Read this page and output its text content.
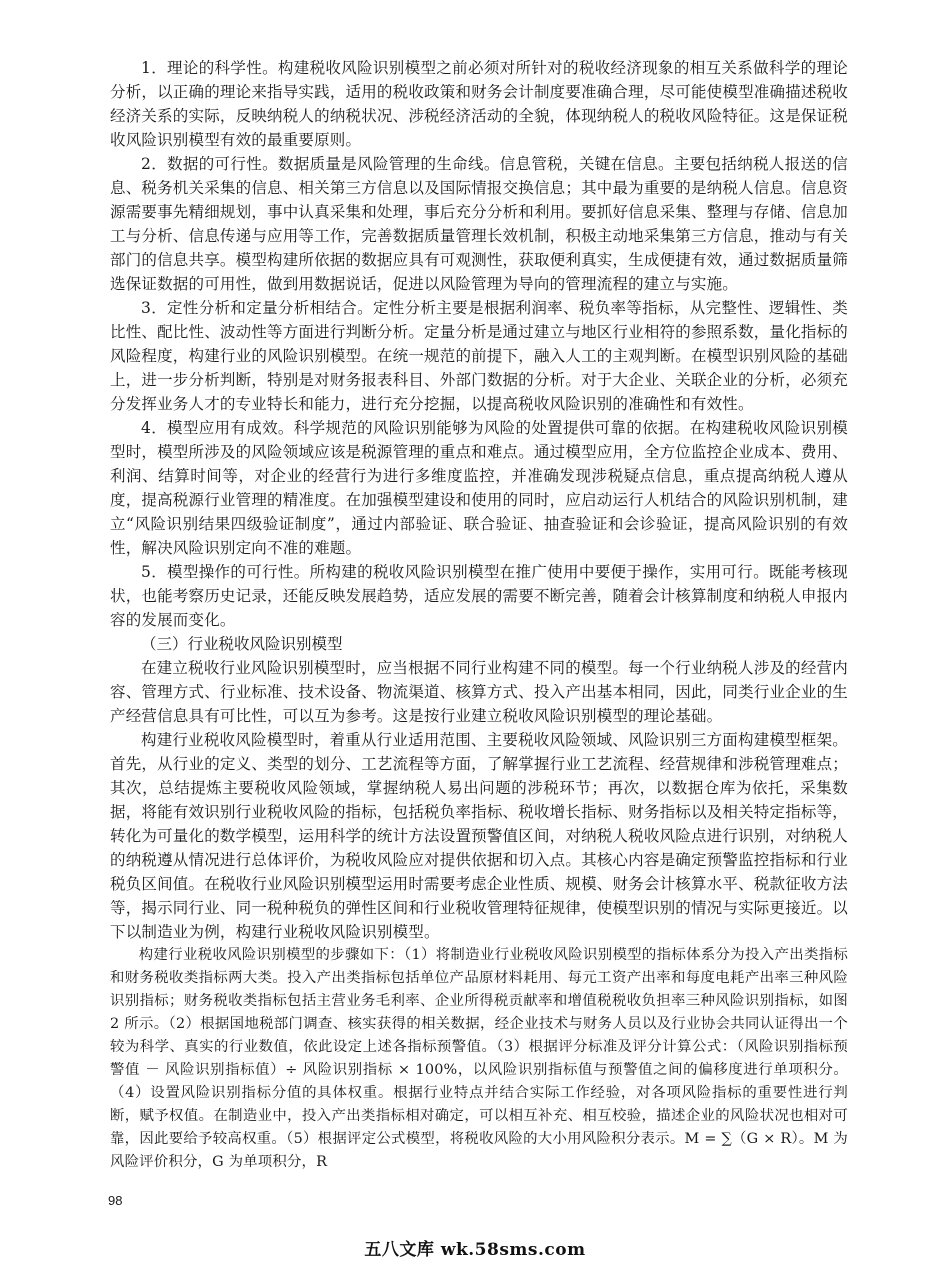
1．理论的科学性。构建税收风险识别模型之前必须对所针对的税收经济现象的相互关系做科学的理论分析，以正确的理论来指导实践，适用的税收政策和财务会计制度要准确合理，尽可能使模型准确描述税收经济关系的实际，反映纳税人的纳税状况、涉税经济活动的全貌，体现纳税人的税收风险特征。这是保证税收风险识别模型有效的最重要原则。

2．数据的可行性。数据质量是风险管理的生命线。信息管税，关键在信息。主要包括纳税人报送的信息、税务机关采集的信息、相关第三方信息以及国际情报交换信息；其中最为重要的是纳税人信息。信息资源需要事先精细规划，事中认真采集和处理，事后充分分析和利用。要抓好信息采集、整理与存储、信息加工与分析、信息传递与应用等工作，完善数据质量管理长效机制，积极主动地采集第三方信息，推动与有关部门的信息共享。模型构建所依据的数据应具有可观测性，获取便利真实，生成便捷有效，通过数据质量筛选保证数据的可用性，做到用数据说话，促进以风险管理为导向的管理流程的建立与实施。

3．定性分析和定量分析相结合。定性分析主要是根据利润率、税负率等指标，从完整性、逻辑性、类比性、配比性、波动性等方面进行判断分析。定量分析是通过建立与地区行业相符的参照系数，量化指标的风险程度，构建行业的风险识别模型。在统一规范的前提下，融入人工的主观判断。在模型识别风险的基础上，进一步分析判断，特别是对财务报表科目、外部门数据的分析。对于大企业、关联企业的分析，必须充分发挥业务人才的专业特长和能力，进行充分挖掘，以提高税收风险识别的准确性和有效性。

4．模型应用有成效。科学规范的风险识别能够为风险的处置提供可靠的依据。在构建税收风险识别模型时，模型所涉及的风险领域应该是税源管理的重点和难点。通过模型应用，全方位监控企业成本、费用、利润、结算时间等，对企业的经营行为进行多维度监控，并准确发现涉税疑点信息，重点提高纳税人遵从度，提高税源行业管理的精准度。在加强模型建设和使用的同时，应启动运行人机结合的风险识别机制，建立“风险识别结果四级验证制度”，通过内部验证、联合验证、抽查验证和会诊验证，提高风险识别的有效性，解决风险识别定向不准的难题。

5．模型操作的可行性。所构建的税收风险识别模型在推广使用中要便于操作，实用可行。既能考核现状，也能考察历史记录，还能反映发展趋势，适应发展的需要不断完善，随着会计核算制度和纳税人申报内容的发展而变化。

（三）行业税收风险识别模型

在建立税收行业风险识别模型时，应当根据不同行业构建不同的模型。每一个行业纳税人涉及的经营内容、管理方式、行业标准、技术设备、物流渠道、核算方式、投入产出基本相同，因此，同类行业企业的生产经营信息具有可比性，可以互为参考。这是按行业建立税收风险识别模型的理论基础。

构建行业税收风险模型时，着重从行业适用范围、主要税收风险领域、风险识别三方面构建模型框架。首先，从行业的定义、类型的划分、工艺流程等方面，了解掌握行业工艺流程、经营规律和涉税管理难点；其次，总结提炼主要税收风险领域，掌握纳税人易出问题的涉税环节；再次，以数据仓库为依托，采集数据，将能有效识别行业税收风险的指标，包括税负率指标、税收增长指标、财务指标以及相关特定指标等，转化为可量化的数学模型，运用科学的统计方法设置预警值区间，对纳税人税收风险点进行识别，对纳税人的纳税遵从情况进行总体评价，为税收风险应对提供依据和切入点。其核心内容是确定预警监控指标和行业税负区间值。在税收行业风险识别模型运用时需要考虑企业性质、规模、财务会计核算水平、税款征收方法等，揭示同行业、同一税种税负的弹性区间和行业税收管理特征规律，使模型识别的情况与实际更接近。以下以制造业为例，构建行业税收风险识别模型。

构建行业税收风险识别模型的步骤如下：（1）将制造业行业税收风险识别模型的指标体系分为投入产出类指标和财务税收类指标两大类。投入产出类指标包括单位产品原材料耗用、每元工资产出率和每度电耗产出率三种风险识别指标；财务税收类指标包括主营业务毛利率、企业所得税贡献率和增值税税收负担率三种风险识别指标，如图 2 所示。（2）根据国地税部门调查、核实获得的相关数据，经企业技术与财务人员以及行业协会共同认证得出一个较为科学、真实的行业数值，依此设定上述各指标预警值。（3）根据评分标准及评分计算公式：（风险识别指标预警值 － 风险识别指标值）÷ 风险识别指标 × 100%，以风险识别指标值与预警值之间的偏移度进行单项积分。（4）设置风险识别指标分值的具体权重。根据行业特点并结合实际工作经验，对各项风险指标的重要性进行判断，赋予权值。在制造业中，投入产出类指标相对确定，可以相互补充、相互校验，描述企业的风险状况也相对可靠，因此要给予较高权重。（5）根据评定公式模型，将税收风险的大小用风险积分表示。M = ∑（G × R）。M 为风险评价积分，G 为单项积分，R

98
五八文库 wk.58sms.com
